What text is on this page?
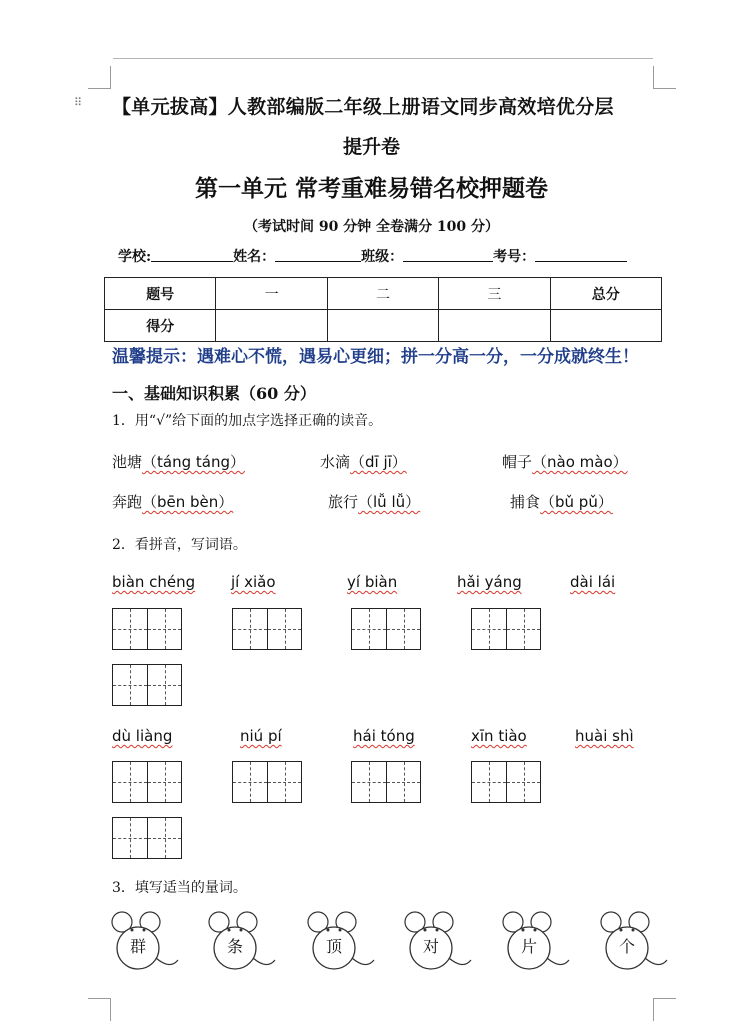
⠿ 【单元拔高】人教部编版二年级上册语文同步高效培优分层
提升卷
第一单元 常考重难易错名校押题卷
（考试时间 90 分钟 全卷满分 100 分）
学校:	姓名：	班级：	考号：
题号	一	二	三	总分
得分				
温馨提示：遇难心不慌，遇易心更细；拼一分高一分，一分成就终生！
一、基础知识积累（60 分）
1．用“√”给下面的加点字选择正确的读音。
池塘（táng táng）	水滴（dī jī）	帽子（nào mào）
奔跑（bēn bèn）	旅行（lǚ lǚ）	捕食（bǔ pǔ）
2．看拼音，写词语。
biàn chéng jí xiǎo	yí biàn	hǎi yáng	dài lái
dù liàng	niú pí	hái tóng	xīn tiào	huài shì
3．填写适当的量词。
群	条	顶	对	片	个
